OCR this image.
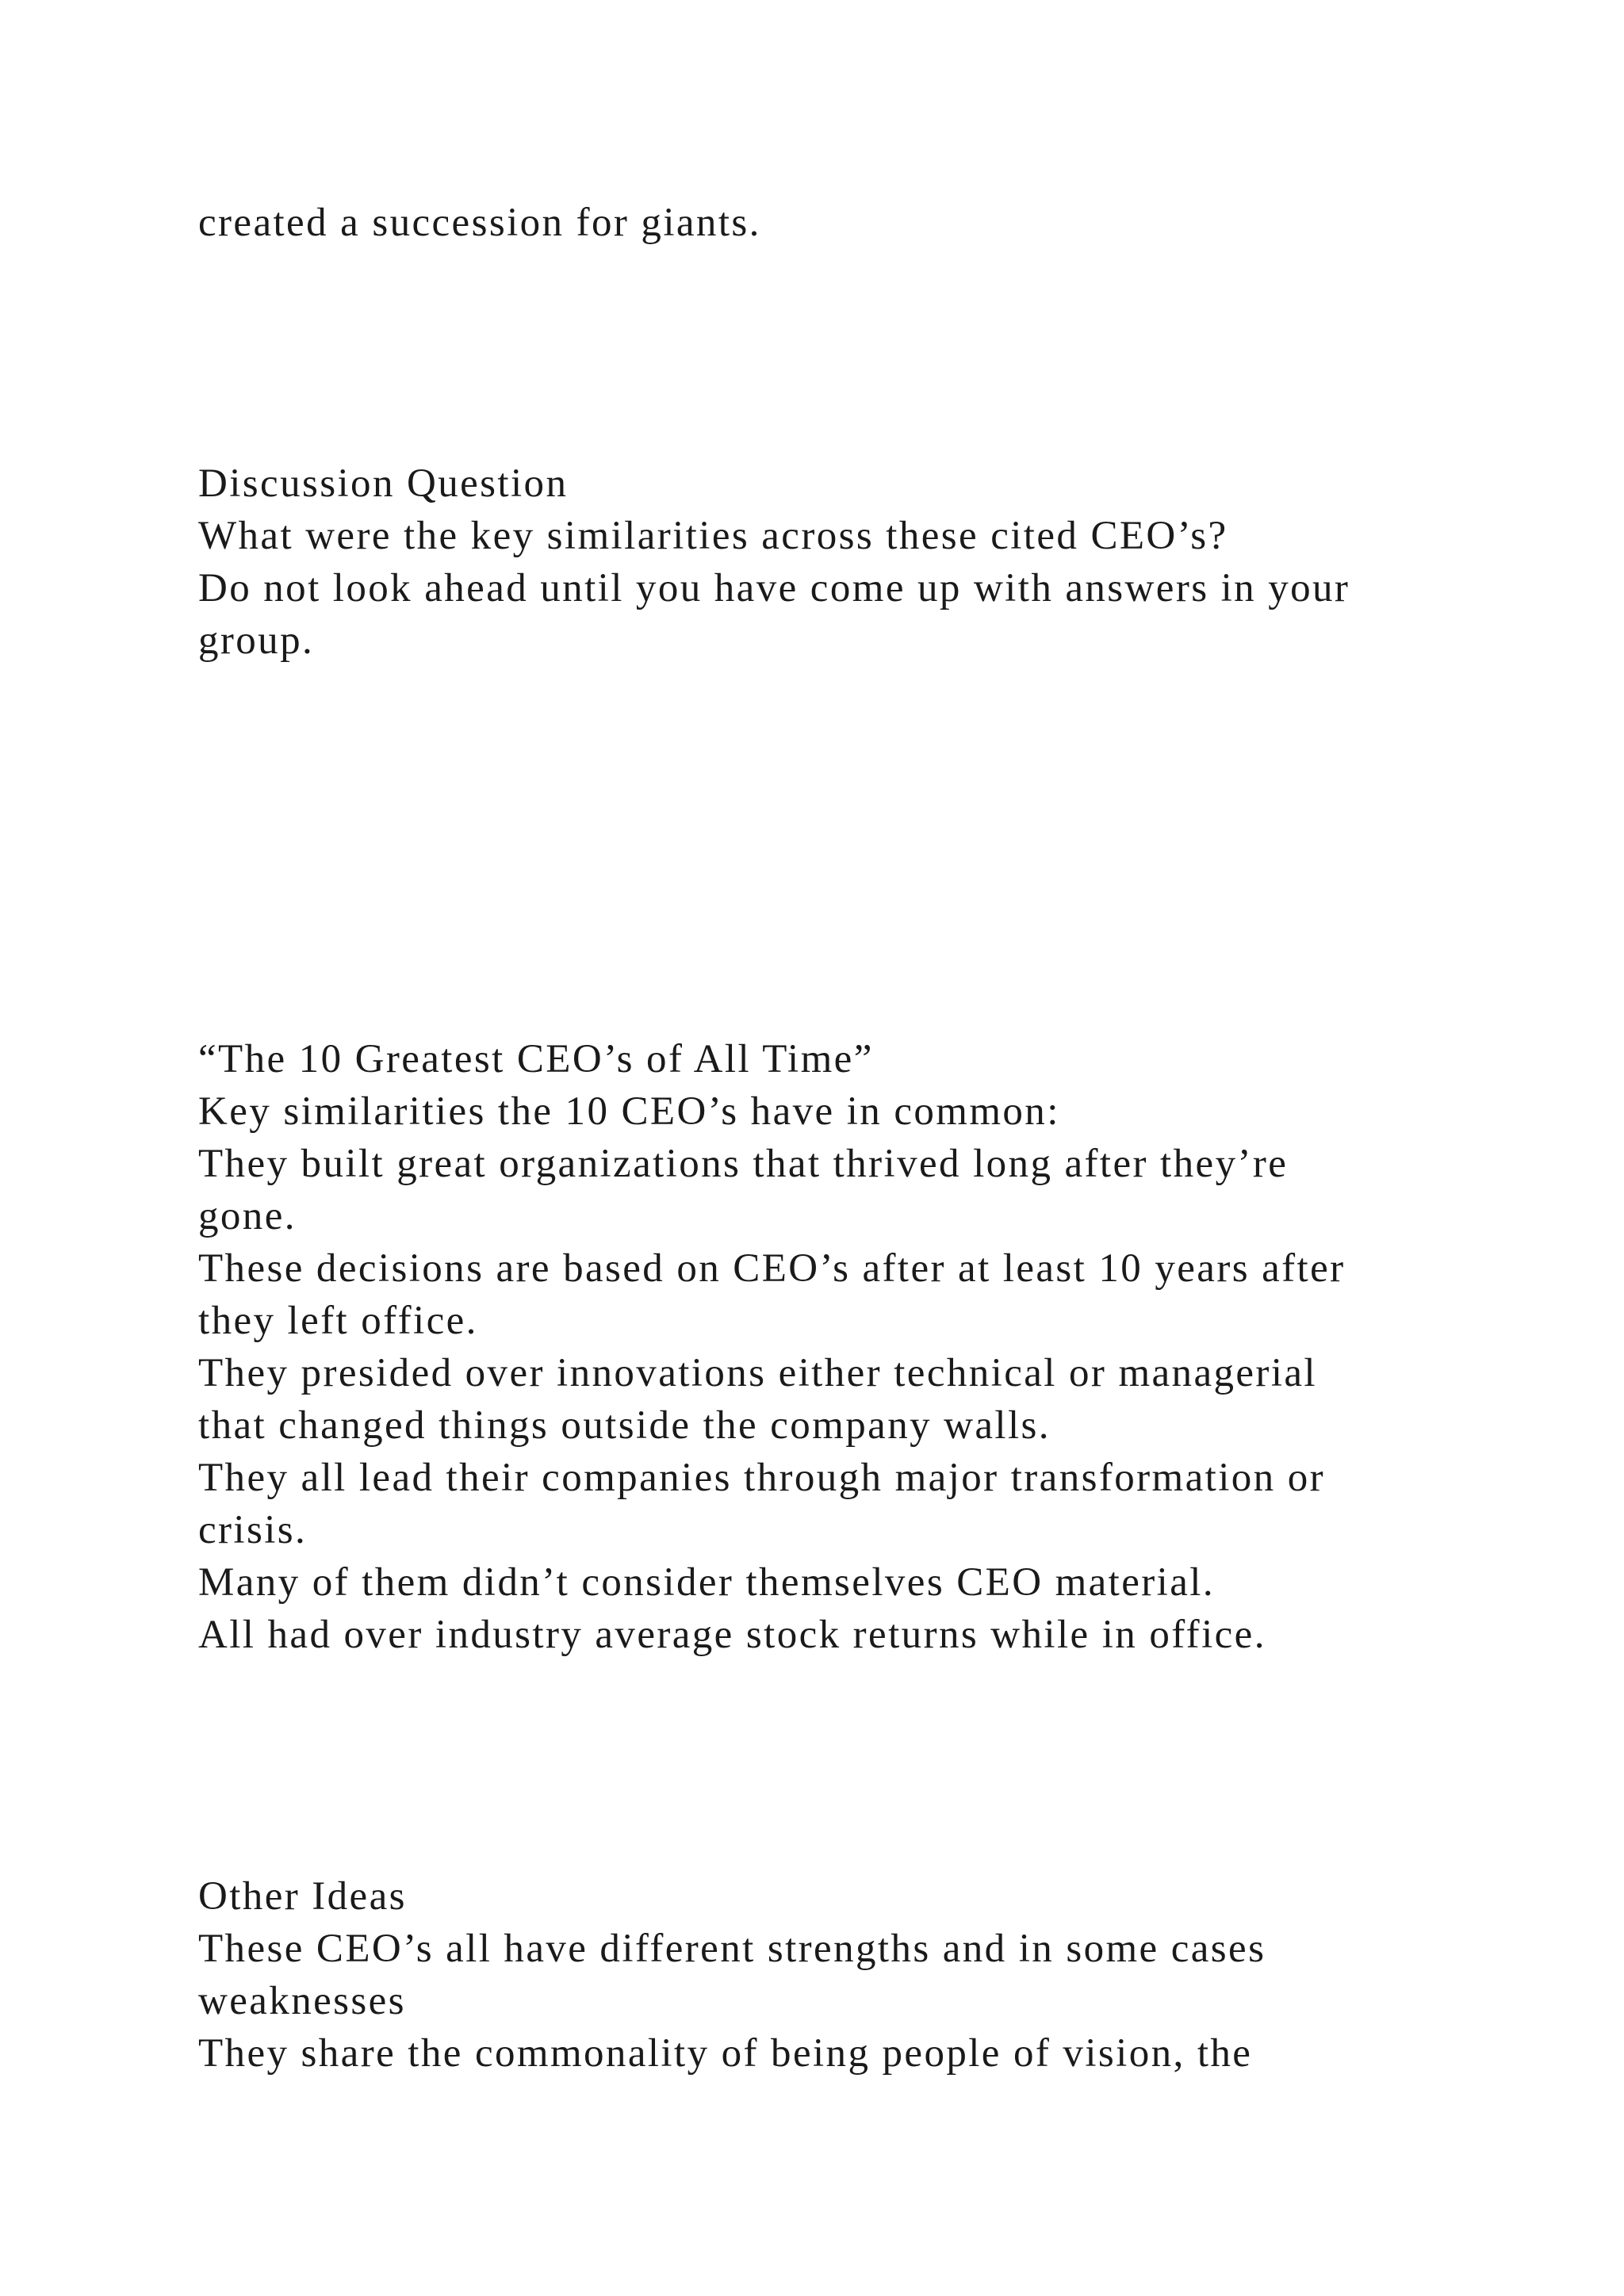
created a succession for giants.
Discussion Question
What were the key similarities across these cited CEO’s?
Do not look ahead until you have come up with answers in your
group.
“The 10 Greatest CEO’s of All Time”
Key similarities the 10 CEO’s have in common:
They built great organizations that thrived long after they’re
gone.
These decisions are based on CEO’s after at least 10 years after
they left office.
They presided over innovations either technical or managerial
that changed things outside the company walls.
They all lead their companies through major transformation or
crisis.
Many of them didn’t consider themselves CEO material.
All had over industry average stock returns while in office.
Other Ideas
These CEO’s all have different strengths and in some cases
weaknesses
They share the commonality of being people of vision, the
